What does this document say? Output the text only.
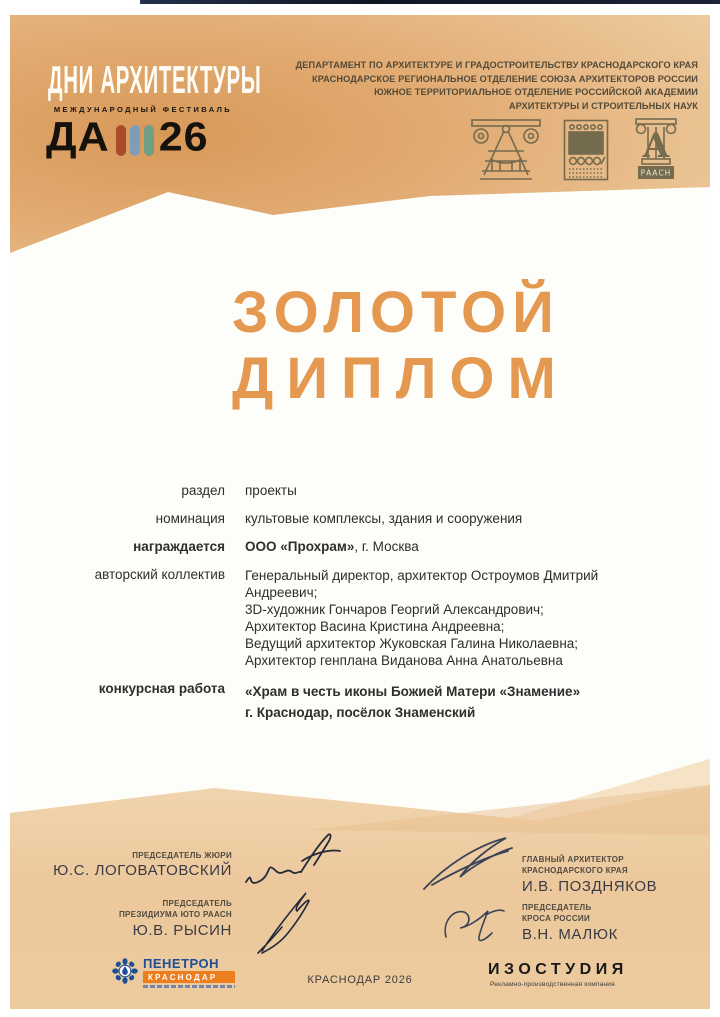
ДНИ АРХИТЕКТУРЫ
МЕЖДУНАРОДНЫЙ ФЕСТИВАЛЬ
ДА 26
ДЕПАРТАМЕНТ ПО АРХИТЕКТУРЕ И ГРАДОСТРОИТЕЛЬСТВУ КРАСНОДАРСКОГО КРАЯ
КРАСНОДАРСКОЕ РЕГИОНАЛЬНОЕ ОТДЕЛЕНИЕ СОЮЗА АРХИТЕКТОРОВ РОССИИ
ЮЖНОЕ ТЕРРИТОРИАЛЬНОЕ ОТДЕЛЕНИЕ РОССИЙСКОЙ АКАДЕМИИ
АРХИТЕКТУРЫ И СТРОИТЕЛЬНЫХ НАУК
А
РААСН
ЗОЛОТОЙ
ДИПЛОМ
раздел проекты
номинация культовые комплексы, здания и сооружения
награждается ООО «Прохрам», г. Москва
авторский коллектив Генеральный директор, архитектор Остроумов Дмитрий
Андреевич;
3D-художник Гончаров Георгий Александрович;
Архитектор Васина Кристина Андреевна;
Ведущий архитектор Жуковская Галина Николаевна;
Архитектор генплана Виданова Анна Анатольевна
конкурсная работа «Храм в честь иконы Божией Матери «Знамение»
г. Краснодар, посёлок Знаменский
ПРЕДСЕДАТЕЛЬ ЖЮРИ
Ю.С. ЛОГОВАТОВСКИЙ
ПРЕДСЕДАТЕЛЬ
ПРЕЗИДИУМА ЮТО РААСН
Ю.В. РЫСИН
ГЛАВНЫЙ АРХИТЕКТОР
КРАСНОДАРСКОГО КРАЯ
И.В. ПОЗДНЯКОВ
ПРЕДСЕДАТЕЛЬ
КРОСА РОССИИ
В.Н. МАЛЮК
ПЕНЕТРОН
КРАСНОДАР	КРАСНОДАР 2026
ИЗОСТУDИЯ
Рекламно-производственная компания
